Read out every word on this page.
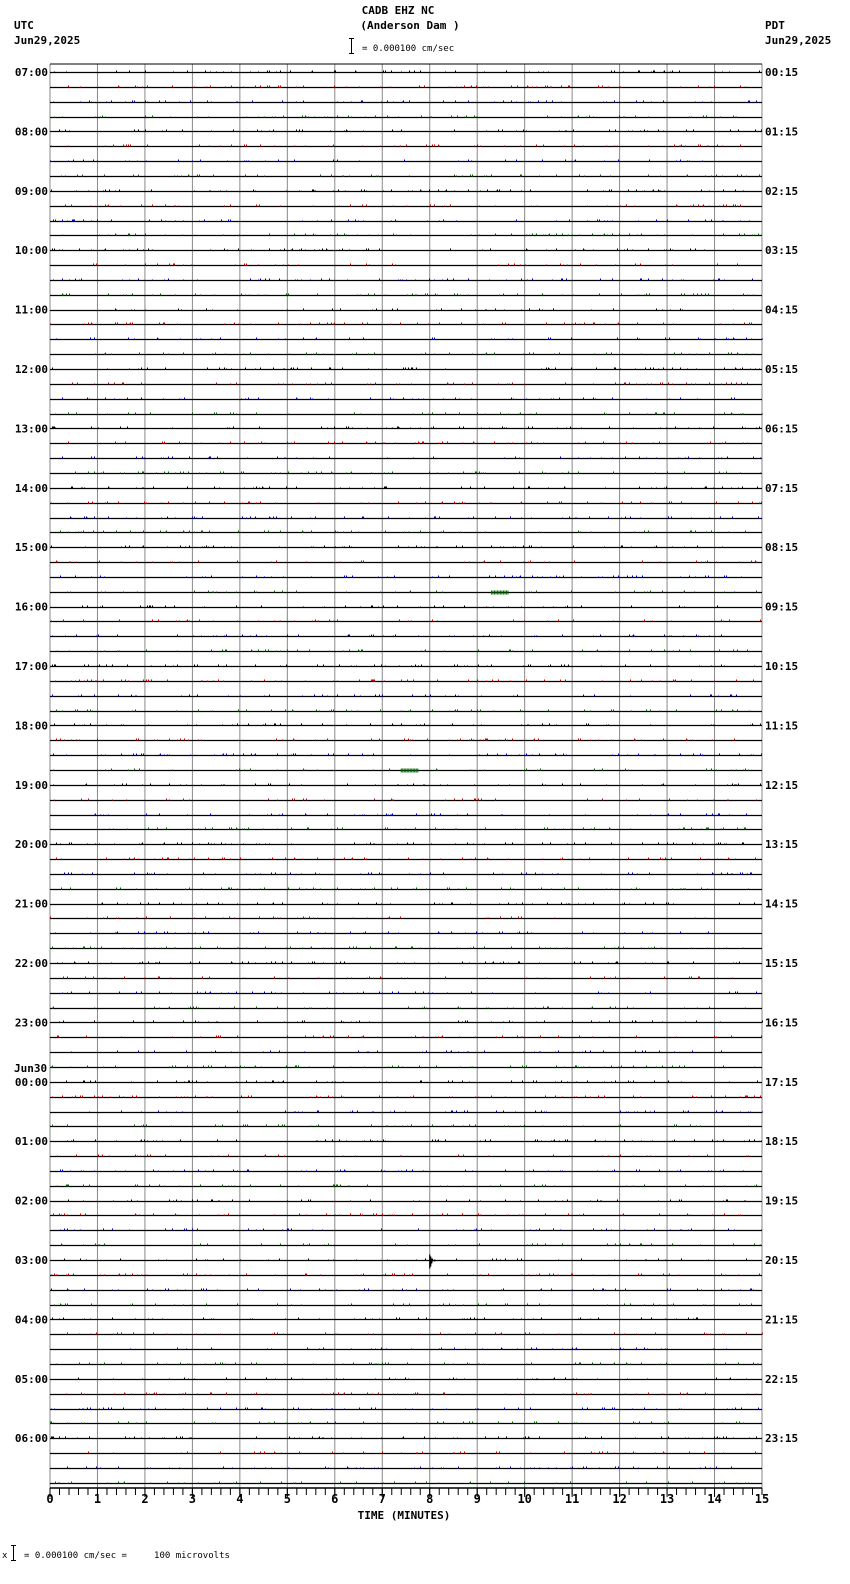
CADB EHZ NC
(Anderson Dam )
UTC
Jun29,2025
PDT
Jun29,2025
= 0.000100 cm/sec
0	1	2	3	4	5	6	7	8	9	10	11	12	13	14	15
07:00
08:00
09:00
10:00
11:00
12:00
13:00
14:00
15:00
16:00
17:00
18:00
19:00
20:00
21:00
22:00
23:00
00:00
Jun30
01:00
02:00
03:00
04:00
05:00
06:00
00:15
01:15
02:15
03:15
04:15
05:15
06:15
07:15
08:15
09:15
10:15
11:15
12:15
13:15
14:15
15:15
16:15
17:15
18:15
19:15
20:15
21:15
22:15
23:15
TIME (MINUTES)
x = 0.000100 cm/sec =     100 microvolts
